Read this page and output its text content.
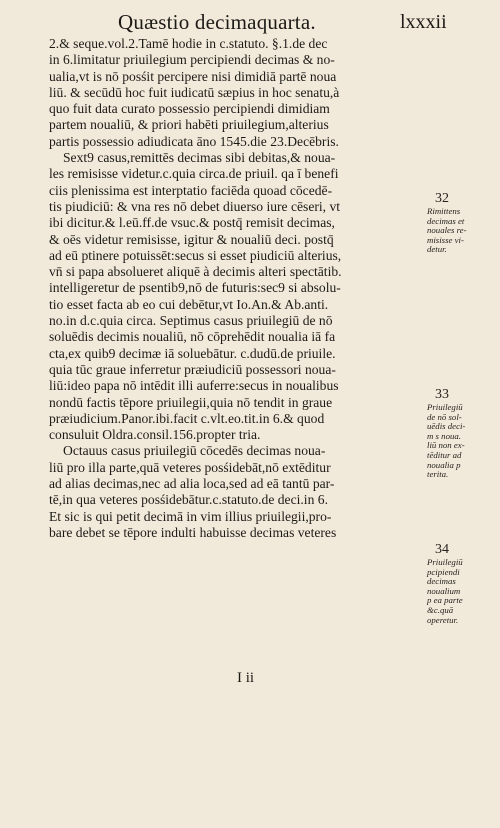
Quæstio decimaquarta.	lxxxii
2.& seque.vol.2.Tamē hodie in c.statuto. §.1.de dec
in 6.limitatur priuilegium percipiendi decimas & no-
ualia,vt is nō posśit percipere nisi dimidiā partē noua
liū. & secūdū hoc fuit iudicatū sæpius in hoc senatu,à
quo fuit data curato possessio percipiendi dimidiam
partem noualiū, & priori habēti priuilegium,alterius
partis possessio adiudicata āno 1545.die 23.Decēbris.
Sext9 casus,remittēs decimas sibi debitas,& noua-
les remisisse videtur.c.quia circa.de priuil. qa ī benefi
ciis plenissima est interptatio faciēda quoad cōcedē-
tis piudiciū: & vna res nō debet diuerso iure cēseri, vt
ibi dicitur.& l.eū.ff.de vsuc.& postq̄ remisit decimas,
& oēs videtur remisisse, igitur & noualiū deci. postq̄
ad eū ptinere potuissēt:secus si esset piudiciū alterius,
vn̄ si papa absolueret aliquē à decimis alteri spectātib.
intelligeretur de psentib9,nō de futuris:sec9 si absolu-
tio esset facta ab eo cui debētur,vt Io.An.& Ab.anti.
no.in d.c.quia circa. Septimus casus priuilegiū de nō
soluēdis decimis noualiū, nō cōprehēdit noualia iā fa
cta,ex quib9 decimæ iā soluebātur. c.dudū.de priuile.
quia tūc graue inferretur præiudiciū possessori noua-
liū:ideo papa nō intēdit illi auferre:secus in noualibus
nondū factis tēpore priuilegii,quia nō tendit in graue
præiudicium.Panor.ibi.facit c.vlt.eo.tit.in 6.& quod
consuluit Oldra.consil.156.propter tria.
Octauus casus priuilegiū cōcedēs decimas noua-
liū pro illa parte,quā veteres posśidebāt,nō extēditur
ad alias decimas,nec ad alia loca,sed ad eā tantū par-
tē,in qua veteres posśidebātur.c.statuto.de deci.in 6.
Et sic is qui petit decimā in vim illius priuilegii,pro-
bare debet se tēpore indulti habuisse decimas veteres
32
Rimittens
decimas et
nouales re-
misisse vi-
detur.
33
Priuilegiū
de nō sol-
uēdis deci-
m s noua.
liū non ex-
tēditur ad
noualia p
terita.
34
Priuilegiū
pcipiendi
decimas
noualium
p ea parte
&c.quā
operetur.
I ii
